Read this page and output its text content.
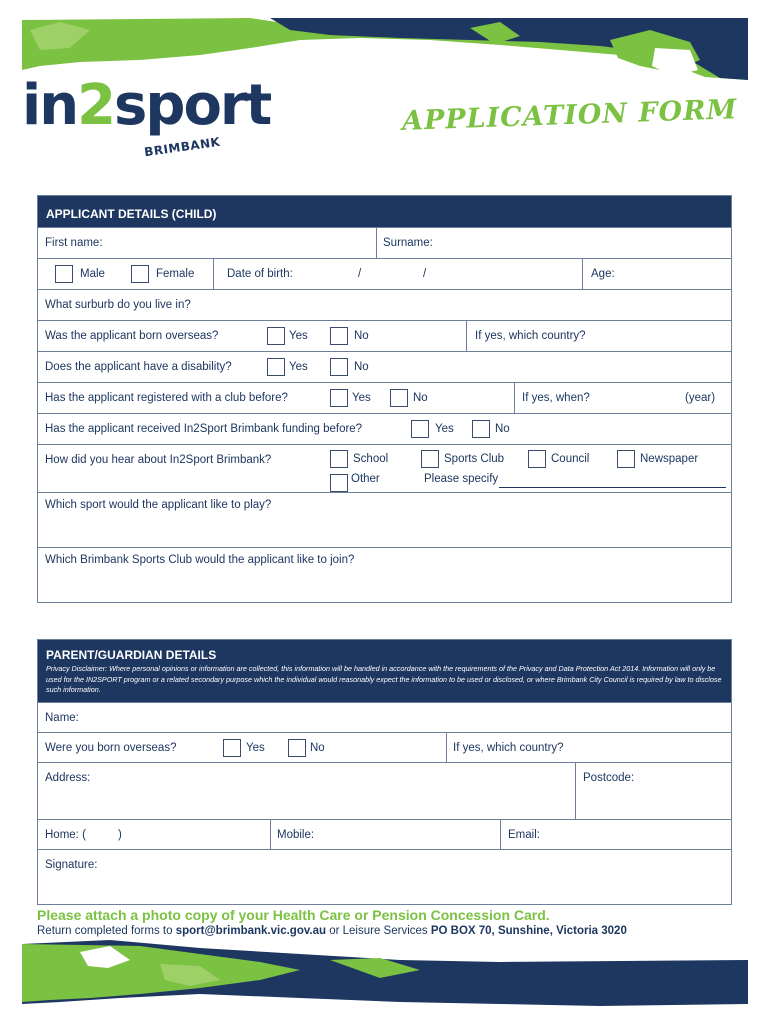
in2sport
BRIMBANK
APPLICATION FORM
APPLICANT DETAILS (CHILD)
First name:	Surname:
Male	Female	Date of birth:	/	/	Age:
What surburb do you live in?
Was the applicant born overseas?	Yes	No	If yes, which country?
Does the applicant have a disability?	Yes	No
Has the applicant registered with a club before?	Yes	No	If yes, when?	(year)
Has the applicant received In2Sport Brimbank funding before?	Yes	No
How did you hear about In2Sport Brimbank?	School	Sports Club	Council	Newspaper
Other	Please specify
Which sport would the applicant like to play?
Which Brimbank Sports Club would the applicant like to join?
PARENT/GUARDIAN DETAILS
Privacy Disclaimer: Where personal opinions or information are collected, this information will be handled in accordance with the requirements of the Privacy and Data Protection Act 2014. Information will only be used for the IN2SPORT program or a related secondary purpose which the individual would reasonably expect the information to be used or disclosed, or where Brimbank City Council is required by law to disclose such information.
Name:
Were you born overseas?	Yes	No	If yes, which country?
Address:	Postcode:
Home: (	)	Mobile:	Email:
Signature:
Please attach a photo copy of your Health Care or Pension Concession Card.
Return completed forms to sport@brimbank.vic.gov.au or Leisure Services PO BOX 70, Sunshine, Victoria 3020
